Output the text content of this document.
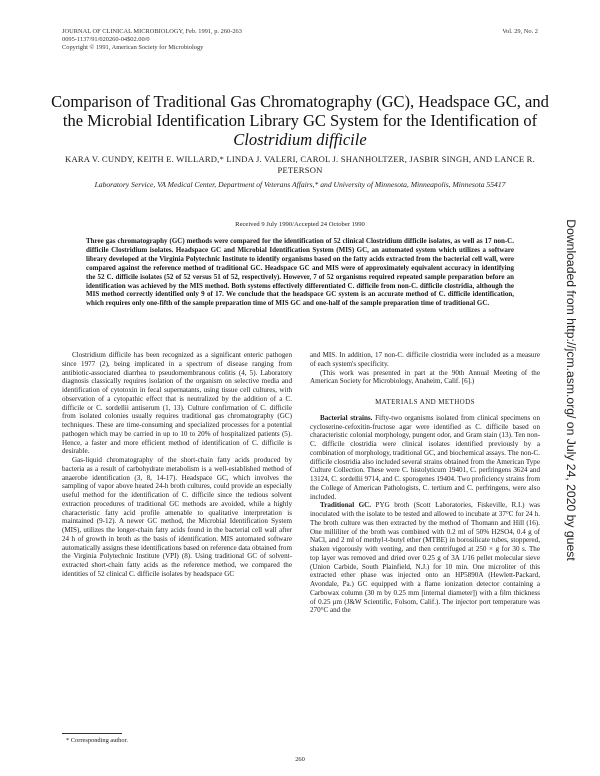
JOURNAL OF CLINICAL MICROBIOLOGY, Feb. 1991, p. 260-263
0095-1137/91/020260-04$02.00/0
Copyright © 1991, American Society for Microbiology
Vol. 29, No. 2
Comparison of Traditional Gas Chromatography (GC), Headspace GC, and the Microbial Identification Library GC System for the Identification of Clostridium difficile
KARA V. CUNDY, KEITH E. WILLARD,* LINDA J. VALERI, CAROL J. SHANHOLTZER, JASBIR SINGH, AND LANCE R. PETERSON
Laboratory Service, VA Medical Center, Department of Veterans Affairs,* and University of Minnesota, Minneapolis, Minnesota 55417
Received 9 July 1990/Accepted 24 October 1990
Three gas chromatography (GC) methods were compared for the identification of 52 clinical Clostridium difficile isolates, as well as 17 non-C. difficile Clostridium isolates. Headspace GC and Microbial Identification System (MIS) GC, an automated system which utilizes a software library developed at the Virginia Polytechnic Institute to identify organisms based on the fatty acids extracted from the bacterial cell wall, were compared against the reference method of traditional GC. Headspace GC and MIS were of approximately equivalent accuracy in identifying the 52 C. difficile isolates (52 of 52 versus 51 of 52, respectively). However, 7 of 52 organisms required repeated sample preparation before an identification was achieved by the MIS method. Both systems effectively differentiated C. difficile from non-C. difficile clostridia, although the MIS method correctly identified only 9 of 17. We conclude that the headspace GC system is an accurate method of C. difficile identification, which requires only one-fifth of the sample preparation time of MIS GC and one-half of the sample preparation time of traditional GC.

Clostridium difficile has been recognized as a significant enteric pathogen since 1977 (2), being implicated in a spectrum of disease ranging from antibiotic-associated diarrhea to pseudomembranous colitis (4, 5). Laboratory diagnosis classically requires isolation of the organism on selective media and identification of cytotoxin in fecal supernatants, using tissue cell cultures, with observation of a cytopathic effect that is neutralized by the addition of a C. difficile or C. sordellii antiserum (1, 13). Culture confirmation of C. difficile from isolated colonies usually requires traditional gas chromatography (GC) techniques. These are time-consuming and specialized processes for a potential pathogen which may be carried in up to 10 to 20% of hospitalized patients (5). Hence, a faster and more efficient method of identification of C. difficile is desirable.

Gas-liquid chromatography of the short-chain fatty acids produced by bacteria as a result of carbohydrate metabolism is a well-established method of anaerobe identification (3, 8, 14-17). Headspace GC, which involves the sampling of vapor above heated 24-h broth cultures, could provide an especially useful method for the identification of C. difficile since the tedious solvent extraction procedures of traditional GC methods are avoided, while a highly characteristic fatty acid profile amenable to qualitative interpretation is maintained (9-12). A newer GC method, the Microbial Identification System (MIS), utilizes the longer-chain fatty acids found in the bacterial cell wall after 24 h of growth in broth as the basis of identification. MIS automated software automatically assigns these identifications based on reference data obtained from the Virginia Polytechnic Institute (VPI) (8). Using traditional GC of solvent-extracted short-chain fatty acids as the reference method, we compared the identities of 52 clinical C. difficile isolates by headspace GC

and MIS. In addition, 17 non-C. difficile clostridia were included as a measure of each system's specificity.

(This work was presented in part at the 90th Annual Meeting of the American Society for Microbiology, Anaheim, Calif. [6].)

MATERIALS AND METHODS

Bacterial strains. Fifty-two organisms isolated from clinical specimens on cycloserine-cefoxitin-fructose agar were identified as C. difficile based on characteristic colonial morphology, pungent odor, and Gram stain (13). Ten non-C. difficile clostridia were clinical isolates identified previously by a combination of morphology, traditional GC, and biochemical assays. The non-C. difficile clostridia also included several strains obtained from the American Type Culture Collection. These were C. histolyticum 19401, C. perfringens 3624 and 13124, C. sordellii 9714, and C. sporogenes 19404. Two proficiency strains from the College of American Pathologists, C. tertium and C. perfringens, were also included.

Traditional GC. PYG broth (Scott Laboratories, Fiskeville, R.I.) was inoculated with the isolate to be tested and allowed to incubate at 37°C for 24 h. The broth culture was then extracted by the method of Thomann and Hill (16). One milliliter of the broth was combined with 0.2 ml of 50% H2SO4, 0.4 g of NaCl, and 2 ml of methyl-t-butyl ether (MTBE) in borosilicate tubes, stoppered, shaken vigorously with venting, and then centrifuged at 250 × g for 30 s. The top layer was removed and dried over 0.25 g of 3A 1/16 pellet molecular sieve (Union Carbide, South Plainfield, N.J.) for 10 min. One microliter of this extracted ether phase was injected onto an HP5890A (Hewlett-Packard, Avondale, Pa.) GC equipped with a flame ionization detector containing a Carbowax column (30 m by 0.25 mm [internal diameter]) with a film thickness of 0.25 μm (J&W Scientific, Folsom, Calif.). The injector port temperature was 270°C and the

* Corresponding author.
260
Downloaded from http://jcm.asm.org/ on July 24, 2020 by guest
